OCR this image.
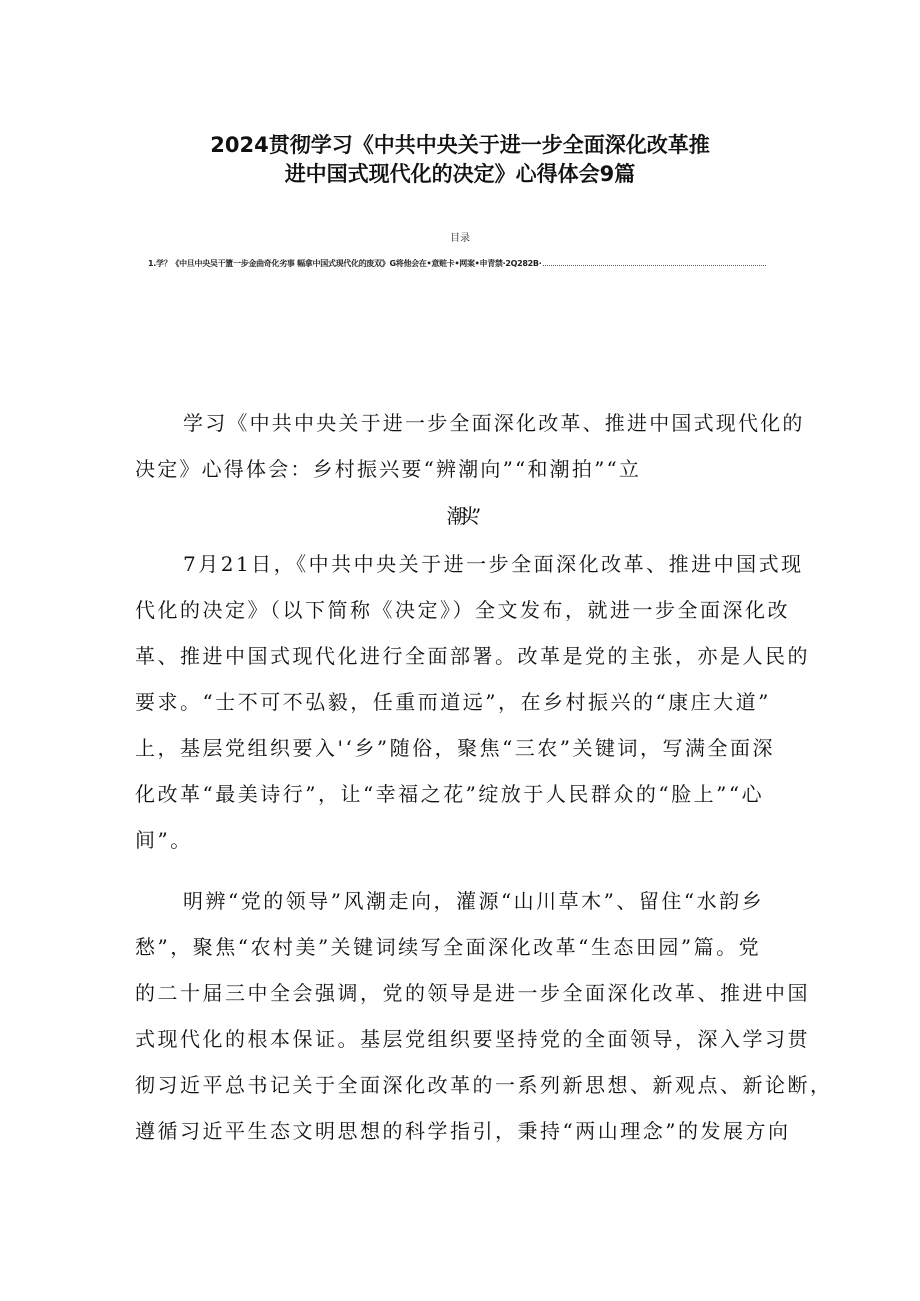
2024贯彻学习《中共中央关于进一步全面深化改革推
进中国式现代化的决定》心得体会9篇
目录
1.学？《中旦中央吴干簠一步金曲奇化劣事 幅拿中国式现代化的废双》G将他会在•意赃卡•网案•申青禁·2Q282B·
学习《中共中央关于进一步全面深化改革、推进中国式现代化的
决定》心得体会：乡村振兴要“辨潮向”“和潮拍”“立
潮头”
7月21日，《中共中央关于进一步全面深化改革、推进中国式现
代化的决定》（以下简称《决定》）全文发布，就进一步全面深化改
革、推进中国式现代化进行全面部署。改革是党的主张，亦是人民的
要求。“士不可不弘毅，任重而道远”，在乡村振兴的“康庄大道”
上，基层党组织要入'‘乡”随俗，聚焦“三农”关键词，写满全面深
化改革“最美诗行”，让“幸福之花”绽放于人民群众的“脸上”“心
间”。
明辨“党的领导”风潮走向，灌源“山川草木”、留住“水韵乡
愁”，聚焦“农村美”关键词续写全面深化改革“生态田园”篇。党
的二十届三中全会强调，党的领导是进一步全面深化改革、推进中国
式现代化的根本保证。基层党组织要坚持党的全面领导，深入学习贯
彻习近平总书记关于全面深化改革的一系列新思想、新观点、新论断，
遵循习近平生态文明思想的科学指引，秉持“两山理念”的发展方向
